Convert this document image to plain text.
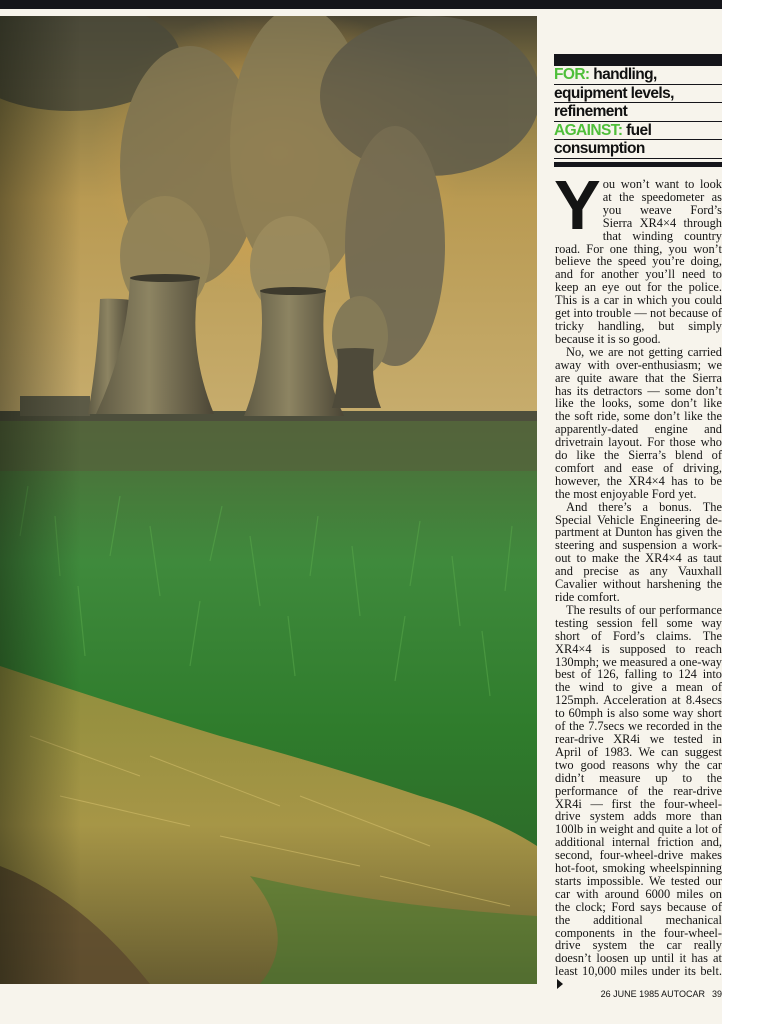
FOR: handling,
equipment levels,
refinement
AGAINST: fuel
consumption

You won’t want to look at the speedometer as you weave Ford’s Sierra XR4×4 through that winding country road. For one thing, you won’t believe the speed you’re doing, and for another you’ll need to keep an eye out for the police. This is a car in which you could get into trouble — not because of tricky handling, but simply because it is so good.

No, we are not getting carried away with over-enthusiasm; we are quite aware that the Sierra has its detractors — some don’t like the looks, some don’t like the soft ride, some don’t like the apparently-dated engine and drivetrain layout. For those who do like the Sierra’s blend of comfort and ease of driving, however, the XR4×4 has to be the most enjoyable Ford yet.

And there’s a bonus. The Special Vehicle Engineering department at Dunton has given the steering and suspension a work-out to make the XR4×4 as taut and precise as any Vauxhall Cavalier without harshening the ride comfort.

The results of our performance testing session fell some way short of Ford’s claims. The XR4×4 is supposed to reach 130mph; we measured a one-way best of 126, falling to 124 into the wind to give a mean of 125mph. Acceleration at 8.4secs to 60mph is also some way short of the 7.7secs we recorded in the rear-drive XR4i we tested in April of 1983. We can suggest two good reasons why the car didn’t measure up to the performance of the rear-drive XR4i — first the four-wheel-drive system adds more than 100lb in weight and quite a lot of additional internal friction and, second, four-wheel-drive makes hot-foot, smoking wheelspinning starts impossible. We tested our car with around 6000 miles on the clock; Ford says because of the additional mechanical components in the four-wheel-drive system the car really doesn’t loosen up until it has at least 10,000 miles under its belt.

26 JUNE 1985 AUTOCAR 39
